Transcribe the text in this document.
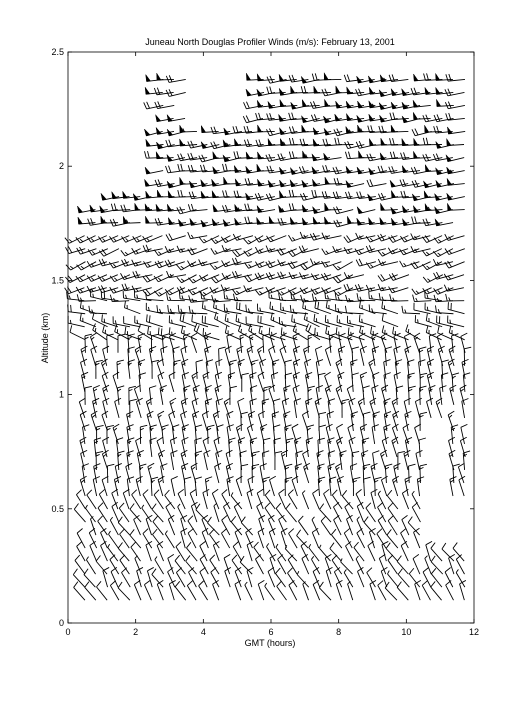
Juneau North Douglas Profiler Winds (m/s): February 13, 2001
0	2	4	6	8	10	12
0
0.5
1
1.5
2
2.5
GMT (hours)
Altitude (km)
